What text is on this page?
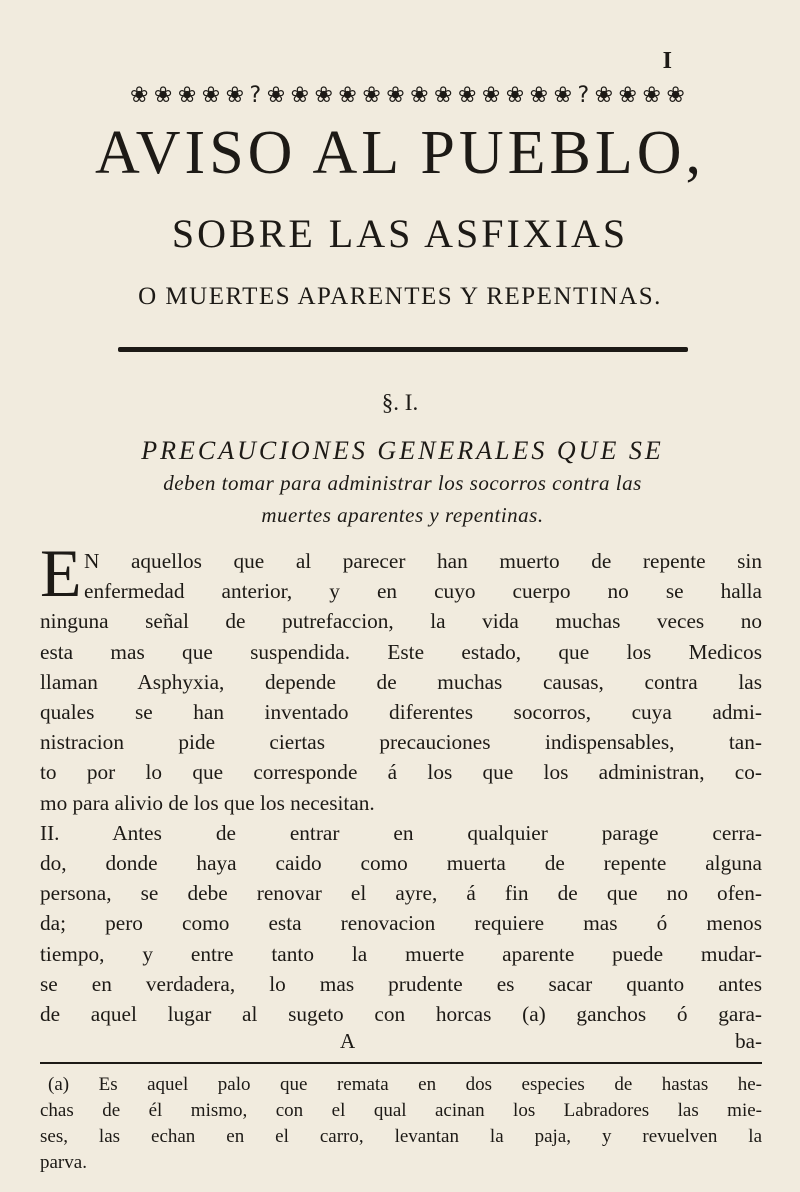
I
❀ ❀ ❀ ❀ ❀ ? ❀ ❀ ❀ ❀ ❀ ❀ ❀ ❀ ❀ ❀ ❀ ❀ ❀ ? ❀ ❀ ❀ ❀
AVISO AL PUEBLO,
SOBRE LAS ASFIXIAS
O MUERTES APARENTES Y REPENTINAS.
§. I.
PRECAUCIONES GENERALES QUE SE
deben tomar para administrar los socorros contra las
muertes aparentes y repentinas.
E N aquellos que al parecer han muerto de repente sin
enfermedad anterior, y en cuyo cuerpo no se halla
ninguna señal de putrefaccion, la vida muchas veces no
esta mas que suspendida. Este estado, que los Medicos
llaman Asphyxia, depende de muchas causas, contra las
quales se han inventado diferentes socorros, cuya admi-
nistracion pide ciertas precauciones indispensables, tan-
to por lo que corresponde á los que los administran, co-
mo para alivio de los que los necesitan.
II. Antes de entrar en qualquier parage cerra-
do, donde haya caido como muerta de repente alguna
persona, se debe renovar el ayre, á fin de que no ofen-
da; pero como esta renovacion requiere mas ó menos
tiempo, y entre tanto la muerte aparente puede mudar-
se en verdadera, lo mas prudente es sacar quanto antes
de aquel lugar al sugeto con horcas (a) ganchos ó gara-
A	ba-
(a) Es aquel palo que remata en dos especies de hastas he-
chas de él mismo, con el qual acinan los Labradores las mie-
ses, las echan en el carro, levantan la paja, y revuelven la
parva.
